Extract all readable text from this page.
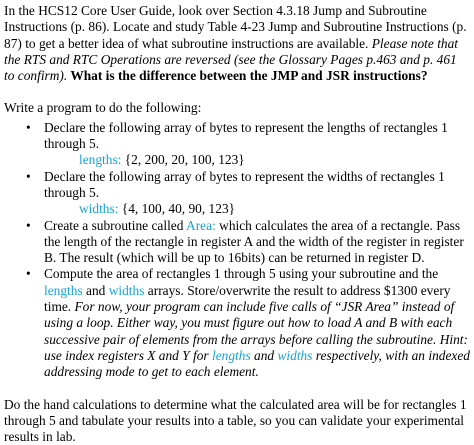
In the HCS12 Core User Guide, look over Section 4.3.18 Jump and Subroutine Instructions (p. 86). Locate and study Table 4-23 Jump and Subroutine Instructions (p. 87) to get a better idea of what subroutine instructions are available. Please note that the RTS and RTC Operations are reversed (see the Glossary Pages p.463 and p. 461 to confirm). What is the difference between the JMP and JSR instructions?

Write a program to do the following:

• Declare the following array of bytes to represent the lengths of rectangles 1 through 5.
lengths: {2, 200, 20, 100, 123}
• Declare the following array of bytes to represent the widths of rectangles 1 through 5.
widths: {4, 100, 40, 90, 123}
• Create a subroutine called Area: which calculates the area of a rectangle. Pass the length of the rectangle in register A and the width of the register in register B. The result (which will be up to 16bits) can be returned in register D.
• Compute the area of rectangles 1 through 5 using your subroutine and the lengths and widths arrays. Store/overwrite the result to address $1300 every time. For now, your program can include five calls of “JSR Area” instead of using a loop. Either way, you must figure out how to load A and B with each successive pair of elements from the arrays before calling the subroutine. Hint: use index registers X and Y for lengths and widths respectively, with an indexed addressing mode to get to each element.

Do the hand calculations to determine what the calculated area will be for rectangles 1 through 5 and tabulate your results into a table, so you can validate your experimental results in lab.
